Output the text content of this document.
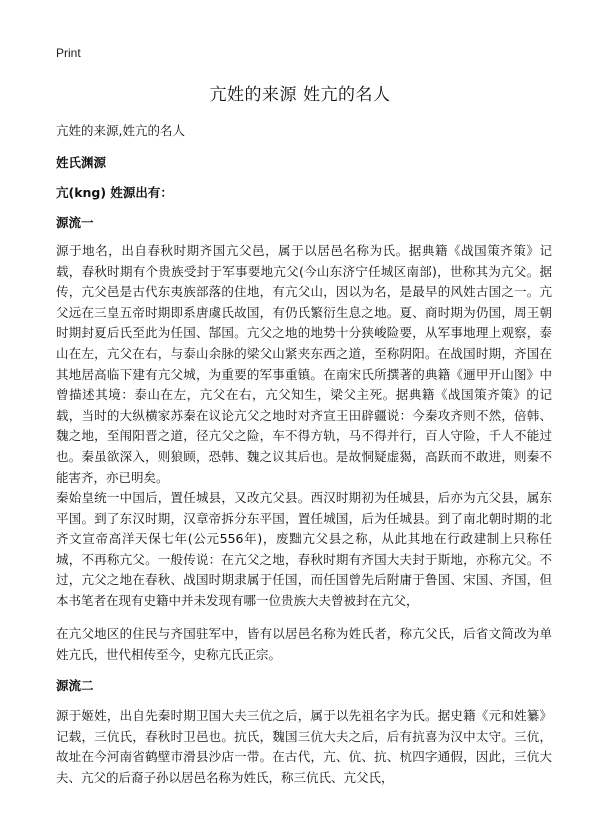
Print
亢姓的来源 姓亢的名人
亢姓的来源,姓亢的名人
姓氏渊源
亢(kng) 姓源出有：
源流一
源于地名，出自春秋时期齐国亢父邑，属于以居邑名称为氏。据典籍《战国策齐策》记载，春秋时期有个贵族受封于军事要地亢父(今山东济宁任城区南部)，世称其为亢父。据传，亢父邑是古代东夷族部落的住地，有亢父山，因以为名，是最早的风姓古国之一。亢父远在三皇五帝时期即系唐虞氏故国，有仍氏繁衍生息之地。夏、商时期为仍国，周王朝时期封夏后氏至此为任国、郜国。亢父之地的地势十分狭峻险要，从军事地理上观察，泰山在左，亢父在右，与泰山余脉的梁父山紧夹东西之道，至称阴阳。在战国时期，齐国在其地居高临下建有亢父城，为重要的军事重镇。在南宋氏所撰著的典籍《逦甲开山图》中曾描述其境：泰山在左，亢父在右，亢父知生，梁父主死。据典籍《战国策齐策》的记载，当时的大纵横家苏秦在议论亢父之地时对齐宣王田辟疆说：今秦攻齐则不然，倍韩、魏之地，至闱阳晋之道，径亢父之险，车不得方轨，马不得并行，百人守险，千人不能过也。秦虽欲深入，则狼顾，恐韩、魏之议其后也。是故恫疑虚猲，高跃而不敢进，则秦不能害齐，亦已明矣。
秦始皇统一中国后，置任城县，又改亢父县。西汉时期初为任城县，后亦为亢父县，属东平国。到了东汉时期，汉章帝拆分东平国，置任城国，后为任城县。到了南北朝时期的北齐文宣帝高洋天保七年(公元556年)，废黜亢父县之称，从此其地在行政建制上只称任城，不再称亢父。一般传说：在亢父之地，春秋时期有齐国大夫封于斯地，亦称亢父。不过，亢父之地在春秋、战国时期隶属于任国，而任国曾先后附庸于鲁国、宋国、齐国，但本书笔者在现有史籍中并未发现有哪一位贵族大夫曾被封在亢父，
在亢父地区的住民与齐国驻军中，皆有以居邑名称为姓氏者，称亢父氏，后省文简改为单姓亢氏，世代相传至今，史称亢氏正宗。
源流二
源于姬姓，出自先秦时期卫国大夫三伉之后，属于以先祖名字为氏。据史籍《元和姓纂》记载，三伉氏，春秋时卫邑也。抗氏，魏国三伉大夫之后，后有抗喜为汉中太守。三伉，故址在今河南省鹤壁市滑县沙店一带。在古代，亢、伉、抗、杭四字通假，因此，三伉大夫、亢父的后裔子孙以居邑名称为姓氏，称三伉氏、亢父氏，
